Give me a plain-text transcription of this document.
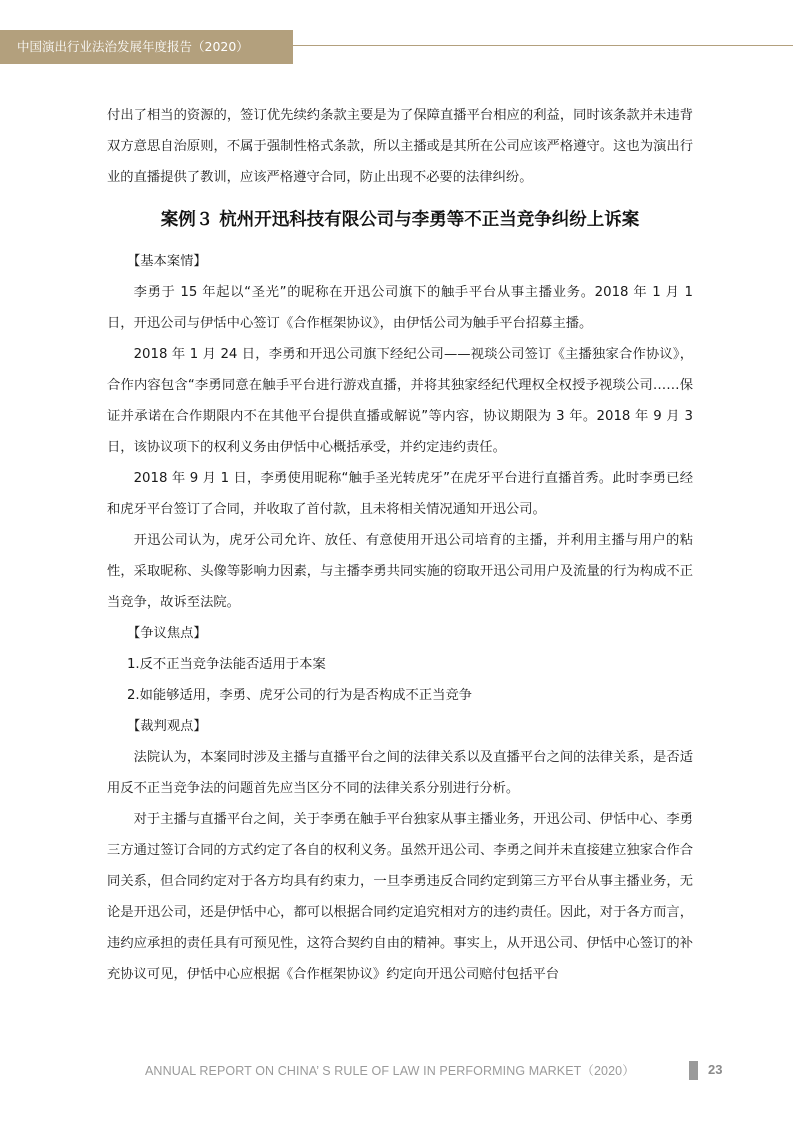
中国演出行业法治发展年度报告（2020）

付出了相当的资源的，签订优先续约条款主要是为了保障直播平台相应的利益，同时该条款并未违背双方意思自治原则，不属于强制性格式条款，所以主播或是其所在公司应该严格遵守。这也为演出行业的直播提供了教训，应该严格遵守合同，防止出现不必要的法律纠纷。

案例３ 杭州开迅科技有限公司与李勇等不正当竞争纠纷上诉案

【基本案情】

李勇于 15 年起以“圣光”的昵称在开迅公司旗下的触手平台从事主播业务。2018 年 1 月 1 日，开迅公司与伊恬中心签订《合作框架协议》，由伊恬公司为触手平台招募主播。

2018 年 1 月 24 日，李勇和开迅公司旗下经纪公司——视琰公司签订《主播独家合作协议》，合作内容包含“李勇同意在触手平台进行游戏直播，并将其独家经纪代理权全权授予视琰公司……保证并承诺在合作期限内不在其他平台提供直播或解说”等内容，协议期限为 3 年。2018 年 9 月 3 日，该协议项下的权利义务由伊恬中心概括承受，并约定违约责任。

2018 年 9 月 1 日，李勇使用昵称“触手圣光转虎牙”在虎牙平台进行直播首秀。此时李勇已经和虎牙平台签订了合同，并收取了首付款，且未将相关情况通知开迅公司。

开迅公司认为，虎牙公司允许、放任、有意使用开迅公司培育的主播，并利用主播与用户的粘性，采取昵称、头像等影响力因素，与主播李勇共同实施的窃取开迅公司用户及流量的行为构成不正当竞争，故诉至法院。

【争议焦点】

1.反不正当竞争法能否适用于本案

2.如能够适用，李勇、虎牙公司的行为是否构成不正当竞争

【裁判观点】

法院认为，本案同时涉及主播与直播平台之间的法律关系以及直播平台之间的法律关系，是否适用反不正当竞争法的问题首先应当区分不同的法律关系分别进行分析。

对于主播与直播平台之间，关于李勇在触手平台独家从事主播业务，开迅公司、伊恬中心、李勇三方通过签订合同的方式约定了各自的权利义务。虽然开迅公司、李勇之间并未直接建立独家合作合同关系，但合同约定对于各方均具有约束力，一旦李勇违反合同约定到第三方平台从事主播业务，无论是开迅公司，还是伊恬中心，都可以根据合同约定追究相对方的违约责任。因此，对于各方而言，违约应承担的责任具有可预见性，这符合契约自由的精神。事实上，从开迅公司、伊恬中心签订的补充协议可见，伊恬中心应根据《合作框架协议》约定向开迅公司赔付包括平台

ANNUAL REPORT ON CHINA’ S RULE OF LAW IN PERFORMING MARKET（2020）	23
